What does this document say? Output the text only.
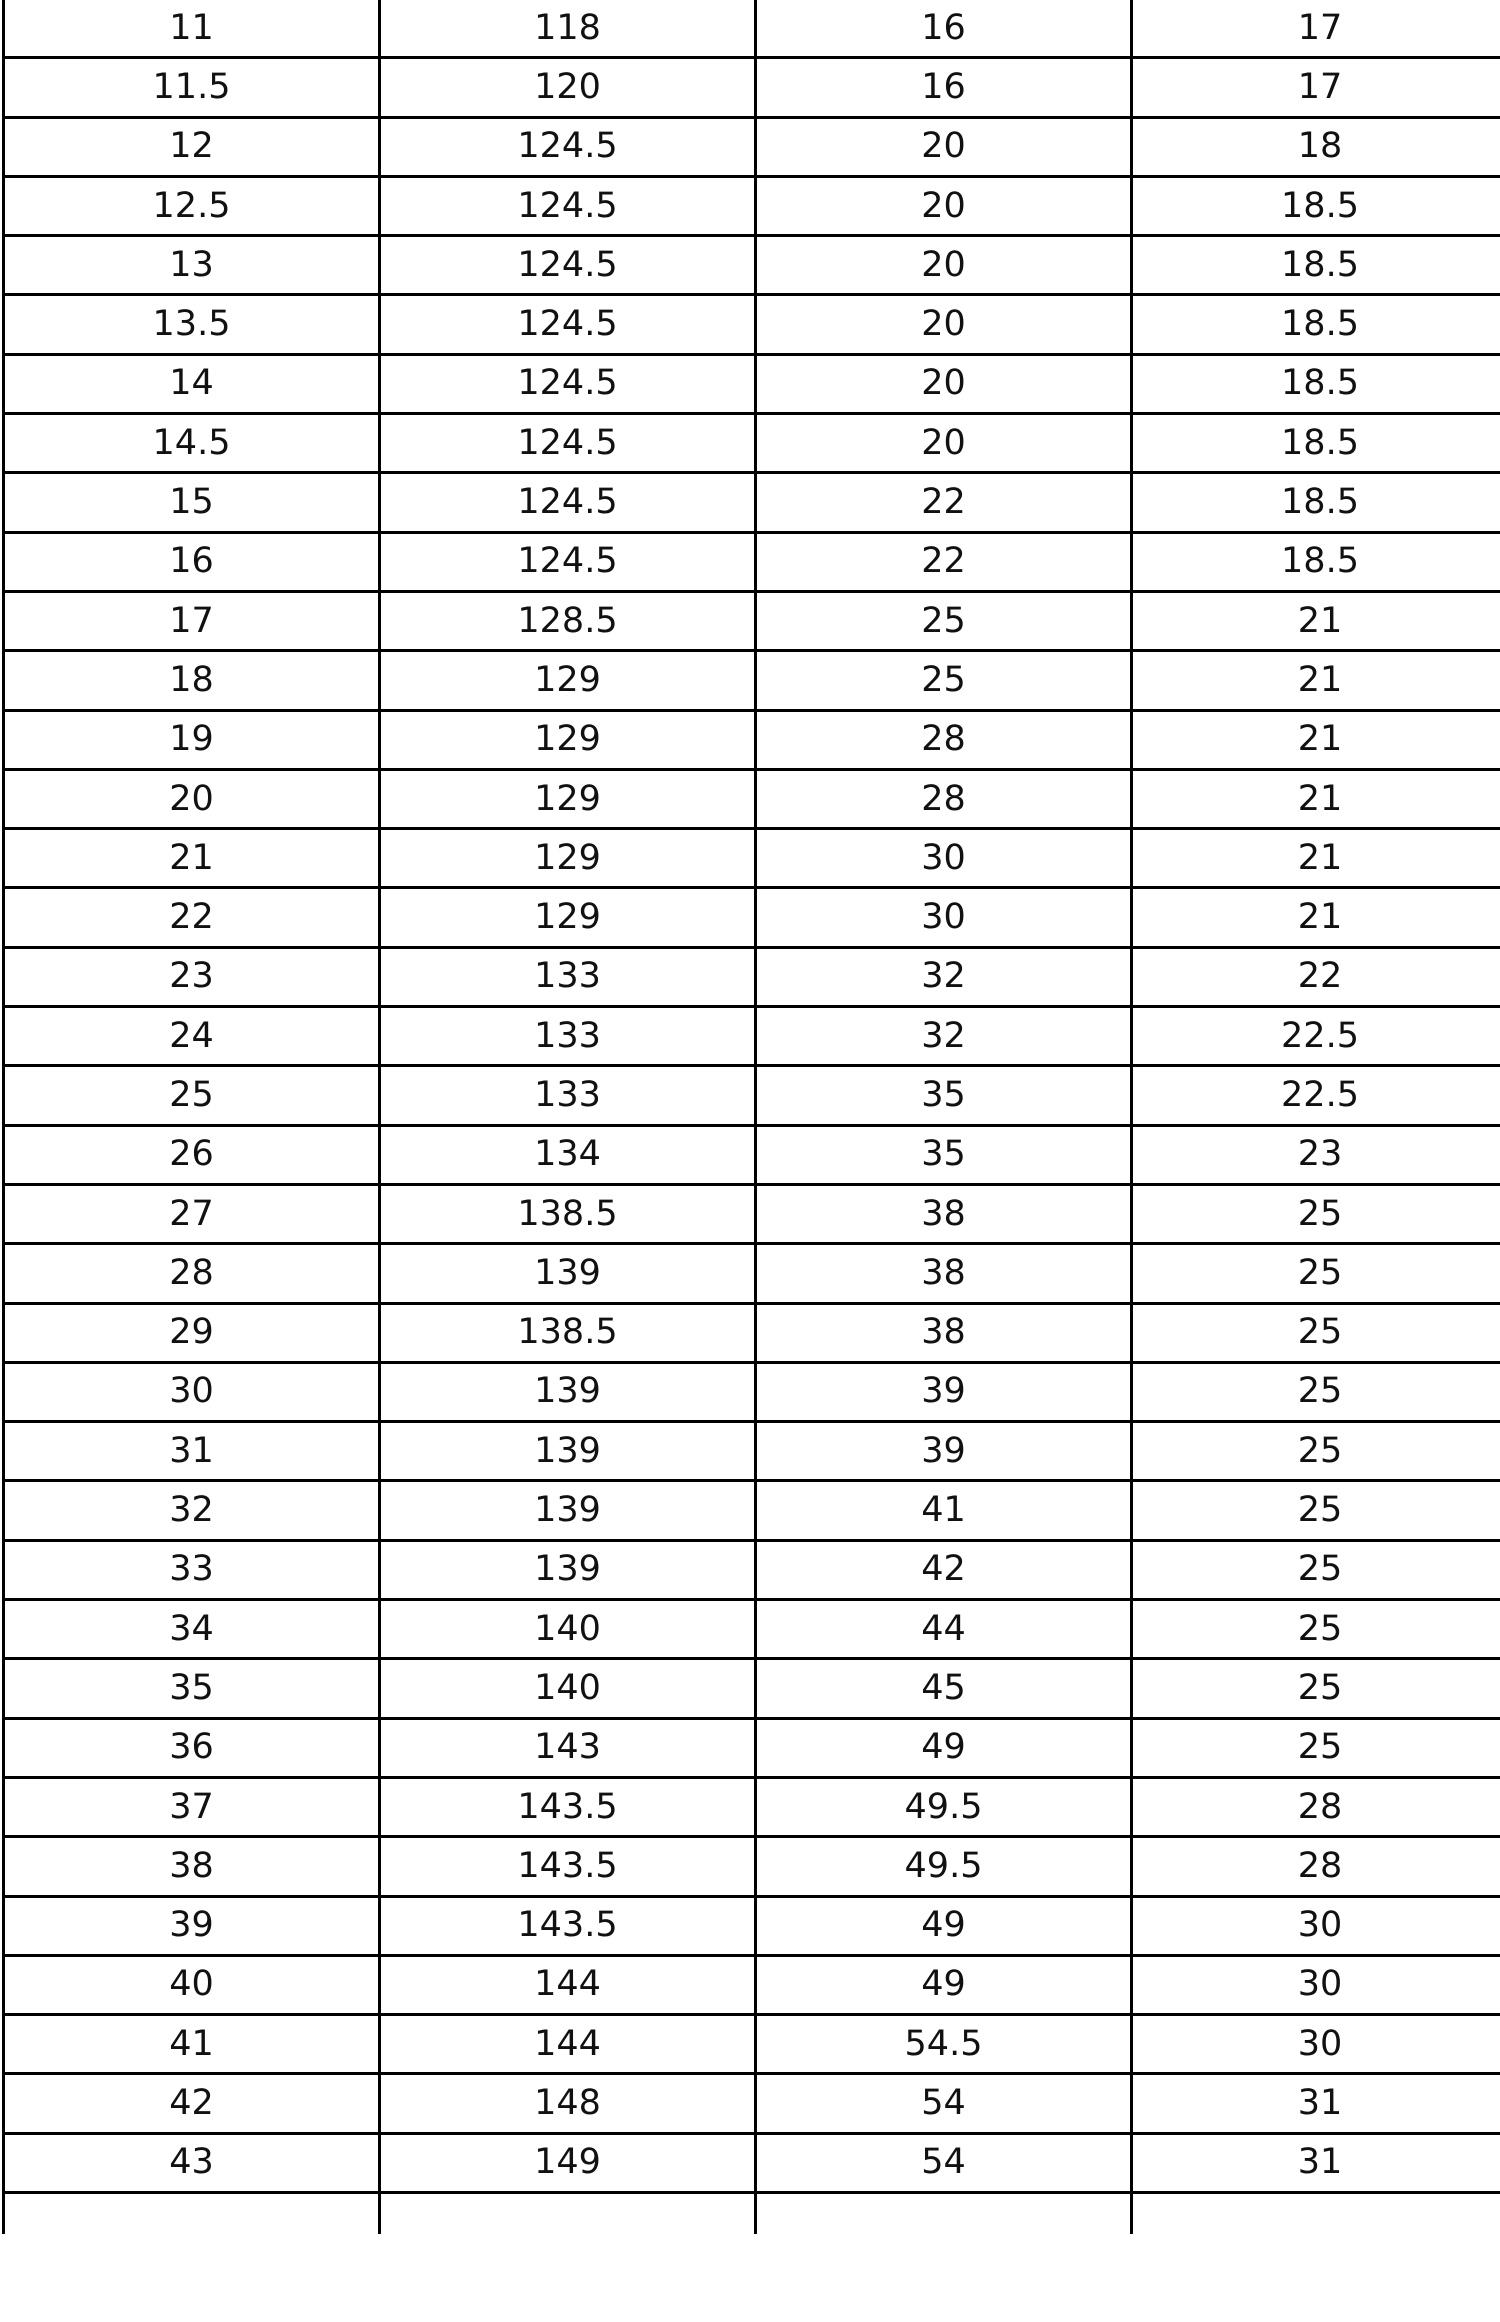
11	118	16	17
11.5	120	16	17
12	124.5	20	18
12.5	124.5	20	18.5
13	124.5	20	18.5
13.5	124.5	20	18.5
14	124.5	20	18.5
14.5	124.5	20	18.5
15	124.5	22	18.5
16	124.5	22	18.5
17	128.5	25	21
18	129	25	21
19	129	28	21
20	129	28	21
21	129	30	21
22	129	30	21
23	133	32	22
24	133	32	22.5
25	133	35	22.5
26	134	35	23
27	138.5	38	25
28	139	38	25
29	138.5	38	25
30	139	39	25
31	139	39	25
32	139	41	25
33	139	42	25
34	140	44	25
35	140	45	25
36	143	49	25
37	143.5	49.5	28
38	143.5	49.5	28
39	143.5	49	30
40	144	49	30
41	144	54.5	30
42	148	54	31
43	149	54	31
